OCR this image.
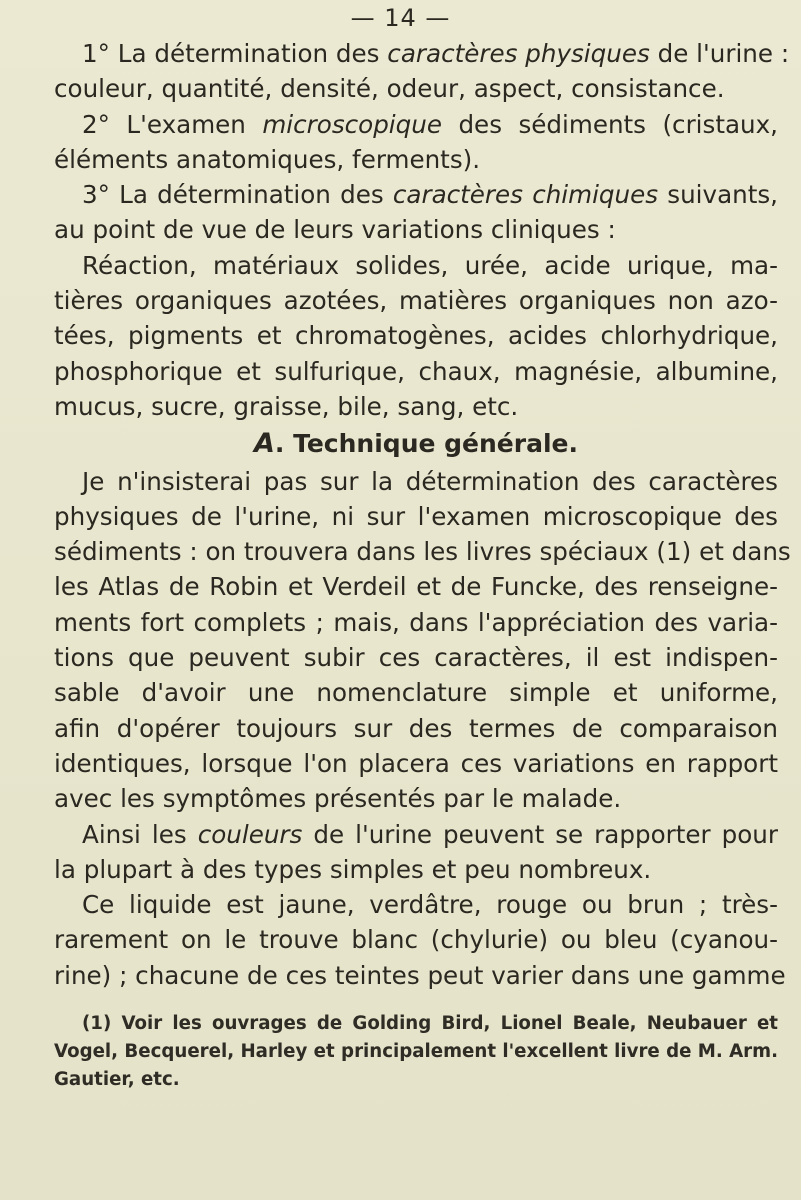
— 14 —
1° La détermination des caractères physiques de l'urine :
couleur, quantité, densité, odeur, aspect, consistance.
2° L'examen microscopique des sédiments (cristaux,
éléments anatomiques, ferments).
3° La détermination des caractères chimiques suivants,
au point de vue de leurs variations cliniques :
Réaction, matériaux solides, urée, acide urique, ma-
tières organiques azotées, matières organiques non azo-
tées, pigments et chromatogènes, acides chlorhydrique,
phosphorique et sulfurique, chaux, magnésie, albumine,
mucus, sucre, graisse, bile, sang, etc.
A. Technique générale.
Je n'insisterai pas sur la détermination des caractères
physiques de l'urine, ni sur l'examen microscopique des
sédiments : on trouvera dans les livres spéciaux (1) et dans
les Atlas de Robin et Verdeil et de Funcke, des renseigne-
ments fort complets ; mais, dans l'appréciation des varia-
tions que peuvent subir ces caractères, il est indispen-
sable d'avoir une nomenclature simple et uniforme,
afin d'opérer toujours sur des termes de comparaison
identiques, lorsque l'on placera ces variations en rapport
avec les symptômes présentés par le malade.
Ainsi les couleurs de l'urine peuvent se rapporter pour
la plupart à des types simples et peu nombreux.
Ce liquide est jaune, verdâtre, rouge ou brun ; très-
rarement on le trouve blanc (chylurie) ou bleu (cyanou-
rine) ; chacune de ces teintes peut varier dans une gamme
(1) Voir les ouvrages de Golding Bird, Lionel Beale, Neubauer et
Vogel, Becquerel, Harley et principalement l'excellent livre de M. Arm.
Gautier, etc.
